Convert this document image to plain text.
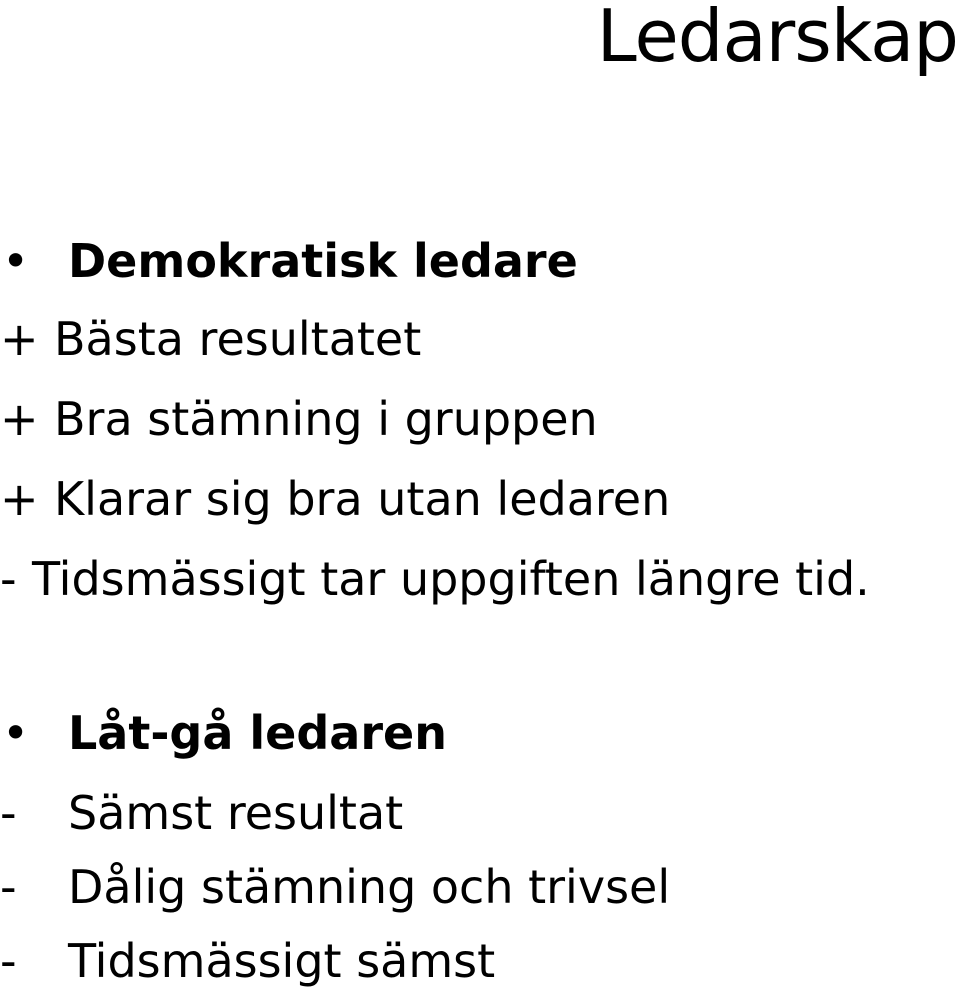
Ledarskap
• Demokratisk ledare
+ Bästa resultatet
+ Bra stämning i gruppen
+ Klarar sig bra utan ledaren
- Tidsmässigt tar uppgiften längre tid.
• Låt-gå ledaren
- Sämst resultat
- Dålig stämning och trivsel
- Tidsmässigt sämst
